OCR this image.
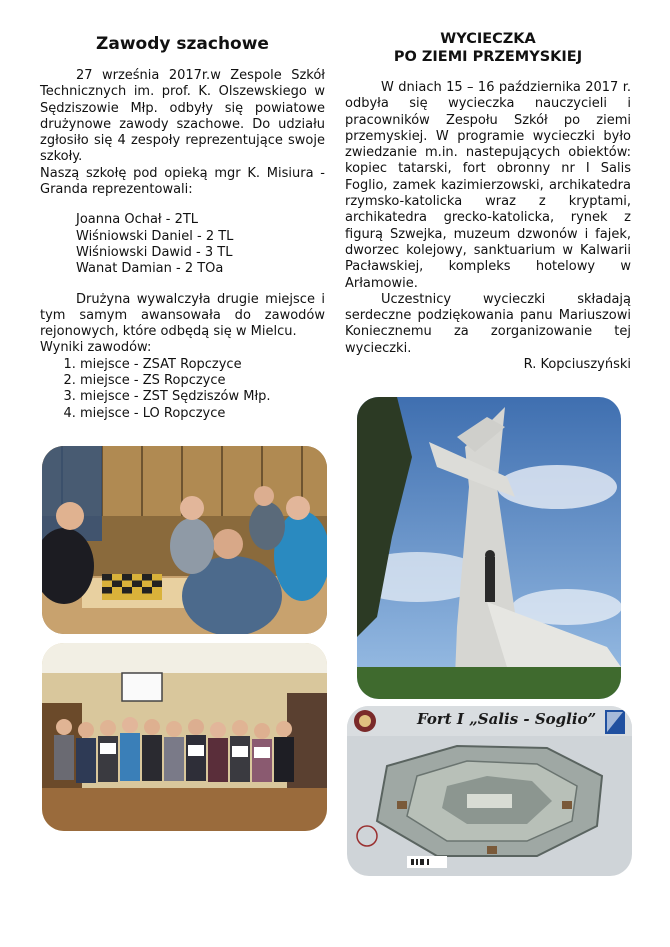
Zawody szachowe

27 września 2017r.w Zespole Szkół Technicznych im. prof. K. Olszewskiego w Sędziszowie Młp. odbyły się powiatowe drużynowe zawody szachowe. Do udziału zgłosiło się 4 zespoły reprezentujące swoje szkoły.

Naszą szkołę pod opieką mgr K. Misiura - Granda reprezentowali:

Joanna Ochał - 2TL
Wiśniowski Daniel - 2 TL
Wiśniowski Dawid - 3 TL
Wanat Damian - 2 TOa

Drużyna wywalczyła drugie miejsce i tym samym awansowała do zawodów rejonowych, które odbędą się w Mielcu.

Wyniki zawodów:

1. miejsce - ZSAT Ropczyce
2. miejsce - ZS Ropczyce
3. miejsce - ZST Sędziszów Młp.
4. miejsce - LO Ropczyce
WYCIECZKA
PO ZIEMI PRZEMYSKIEJ

W dniach 15 – 16 października 2017 r. odbyła się wycieczka nauczycieli i pracowników Zespołu Szkół po ziemi przemyskiej. W programie wycieczki było zwiedzanie m.in. nastepujących obiektów: kopiec tatarski, fort obronny nr I Salis Foglio, zamek kazimierzowski, archikatedra rzymsko-katolicka wraz z kryptami, archikatedra grecko-katolicka, rynek z figurą Szwejka, muzeum dzwonów i fajek, dworzec kolejowy, sanktuarium w Kalwarii Pacławskiej, kompleks hotelowy w Arłamowie.

Uczestnicy wycieczki składają serdeczne podziękowania panu Mariuszowi Koniecznemu za zorganizowanie tej wycieczki.

R. Kopciuszyński
Fort I „Salis - Soglio”
